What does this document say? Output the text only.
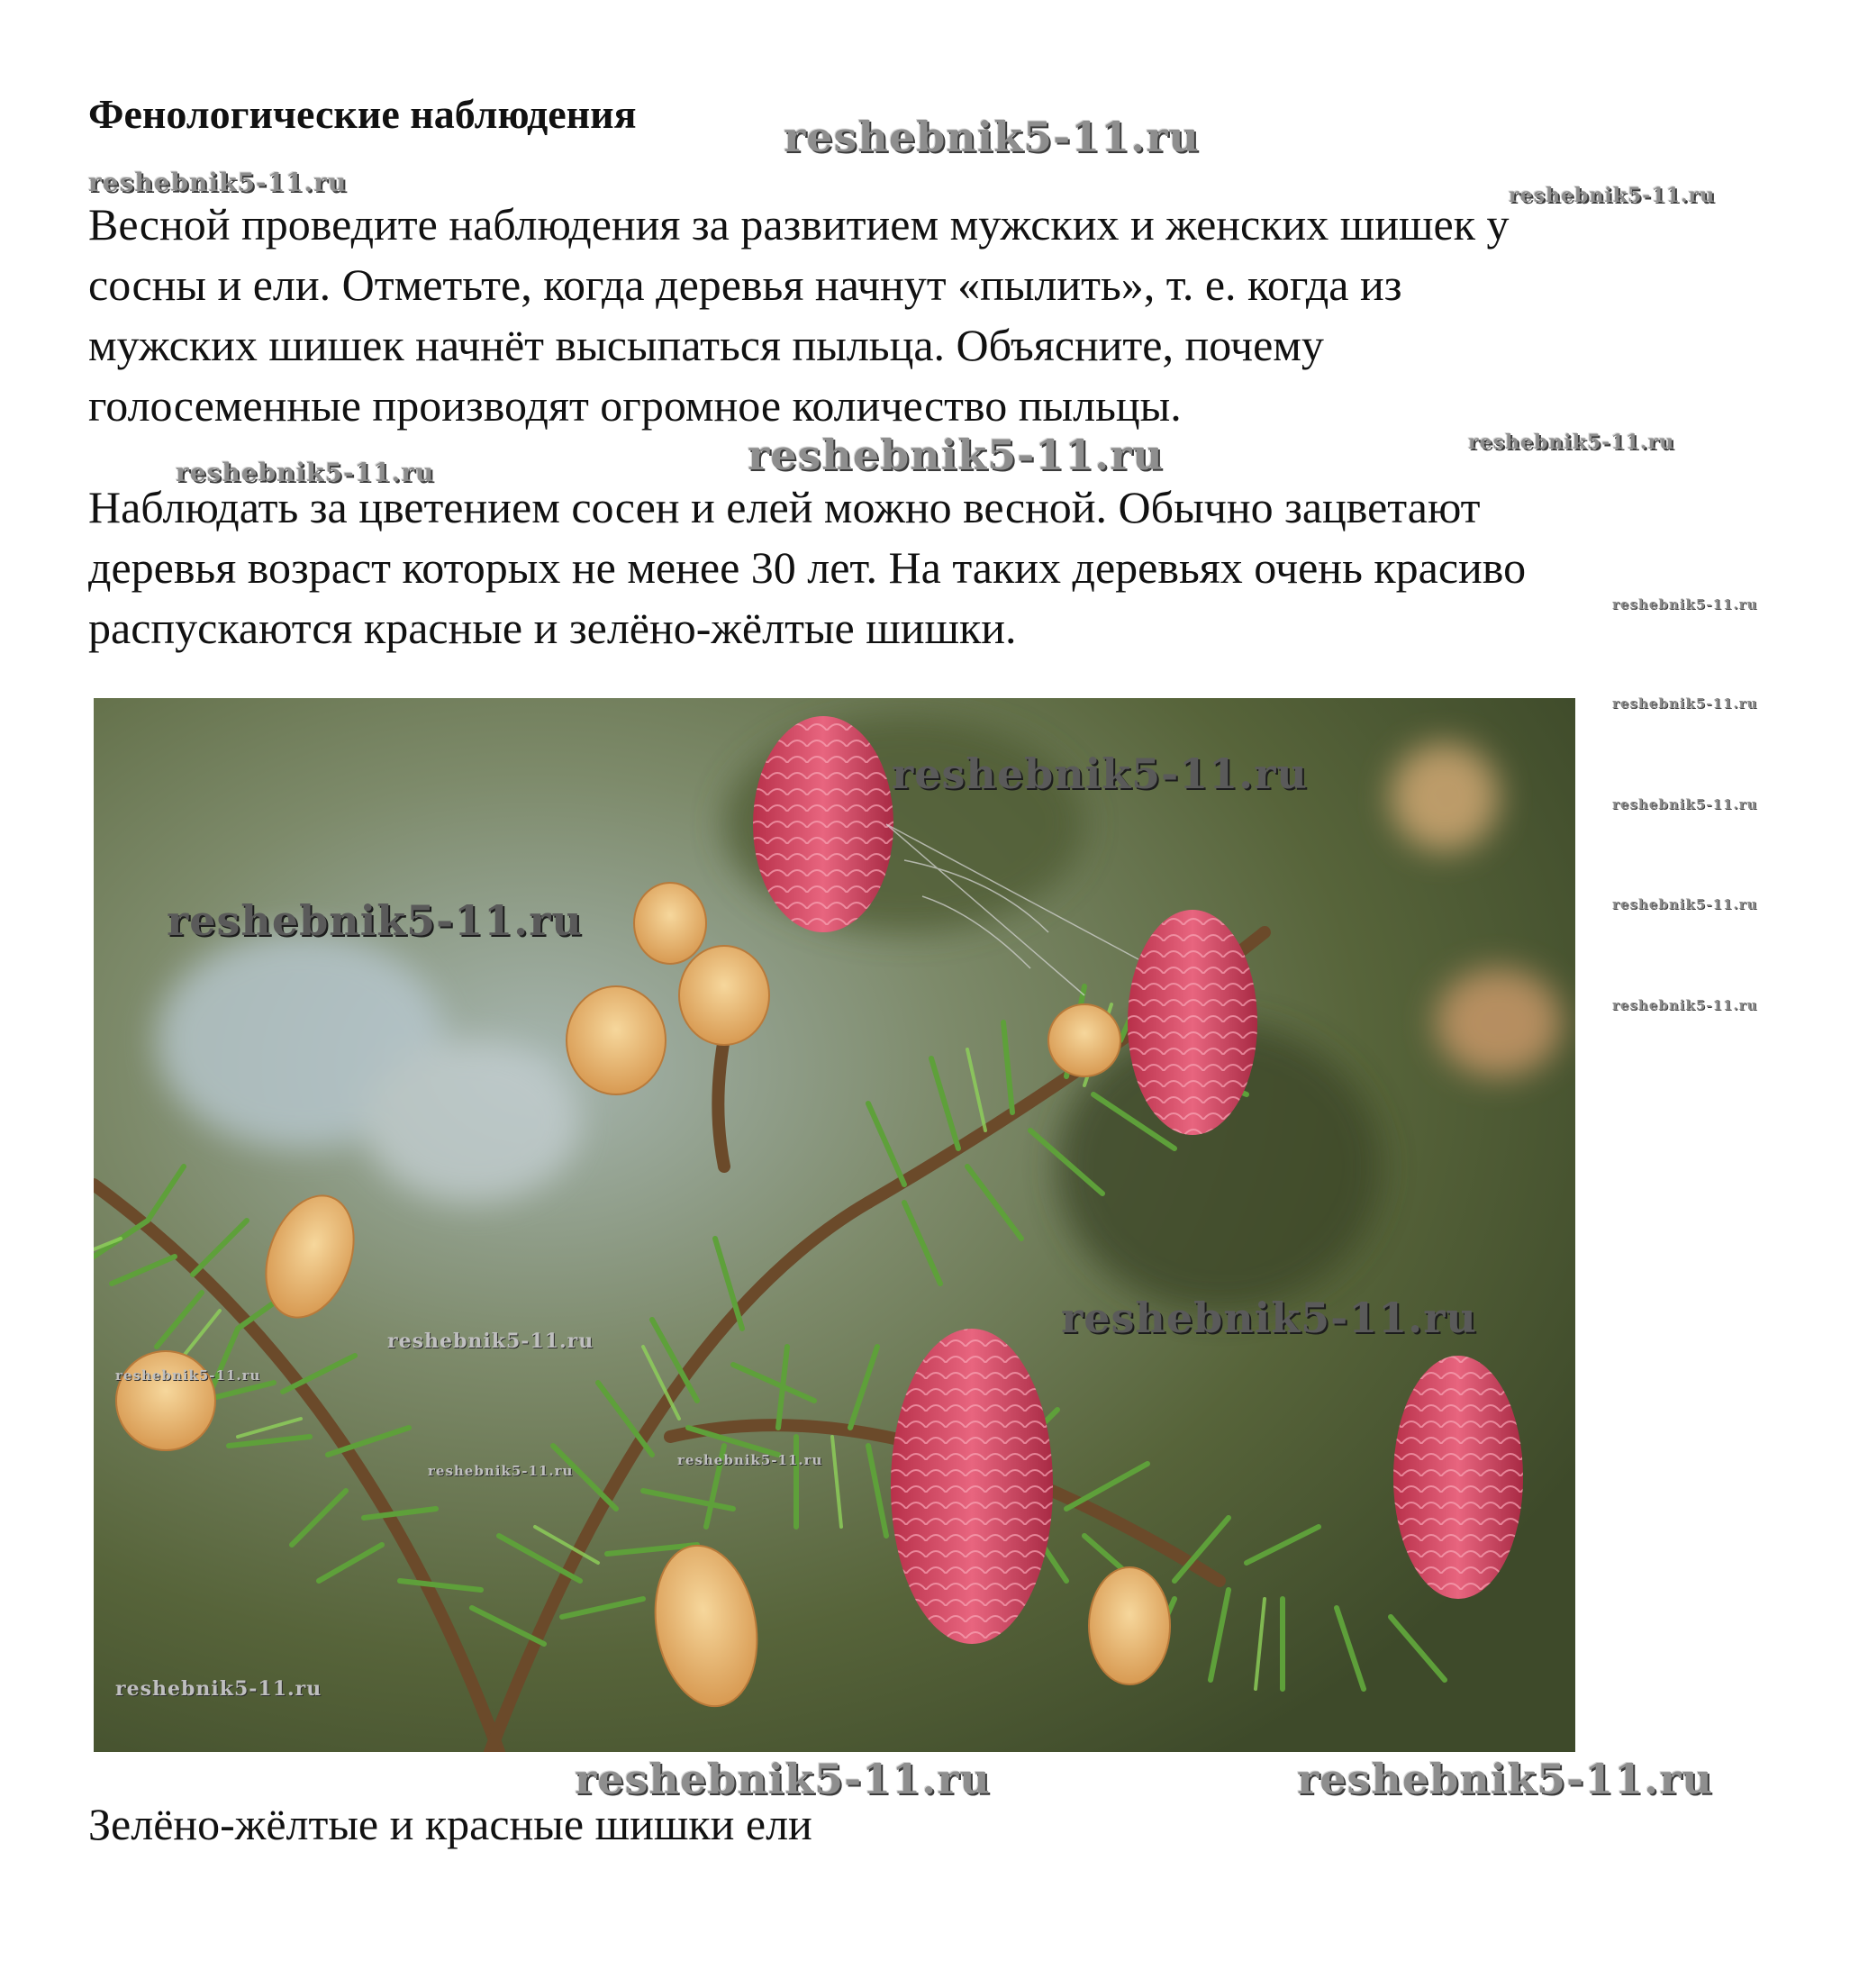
Фенологические наблюдения

Весной проведите наблюдения за развитием мужских и женских шишек у
сосны и ели. Отметьте, когда деревья начнут «пылить», т. е. когда из
мужских шишек начнёт высыпаться пыльца. Объясните, почему
голосеменные производят огромное количество пыльцы.

Наблюдать за цветением сосен и елей можно весной. Обычно зацветают
деревья возраст которых не менее 30 лет. На таких деревьях очень красиво
распускаются красные и зелёно-жёлтые шишки.

Зелёно-жёлтые и красные шишки ели

reshebnik5-11.ru
reshebnik5-11.ru	reshebnik5-11.ru
reshebnik5-11.ru	reshebnik5-11.ru
reshebnik5-11.ru
reshebnik5-11.ru
reshebnik5-11.ru
reshebnik5-11.ru
reshebnik5-11.ru
reshebnik5-11.ru
reshebnik5-11.ru
reshebnik5-11.ru
reshebnik5-11.ru
reshebnik5-11.ru
reshebnik5-11.ru
reshebnik5-11.ru
reshebnik5-11.ru
reshebnik5-11.ru
reshebnik5-11.ru	reshebnik5-11.ru
